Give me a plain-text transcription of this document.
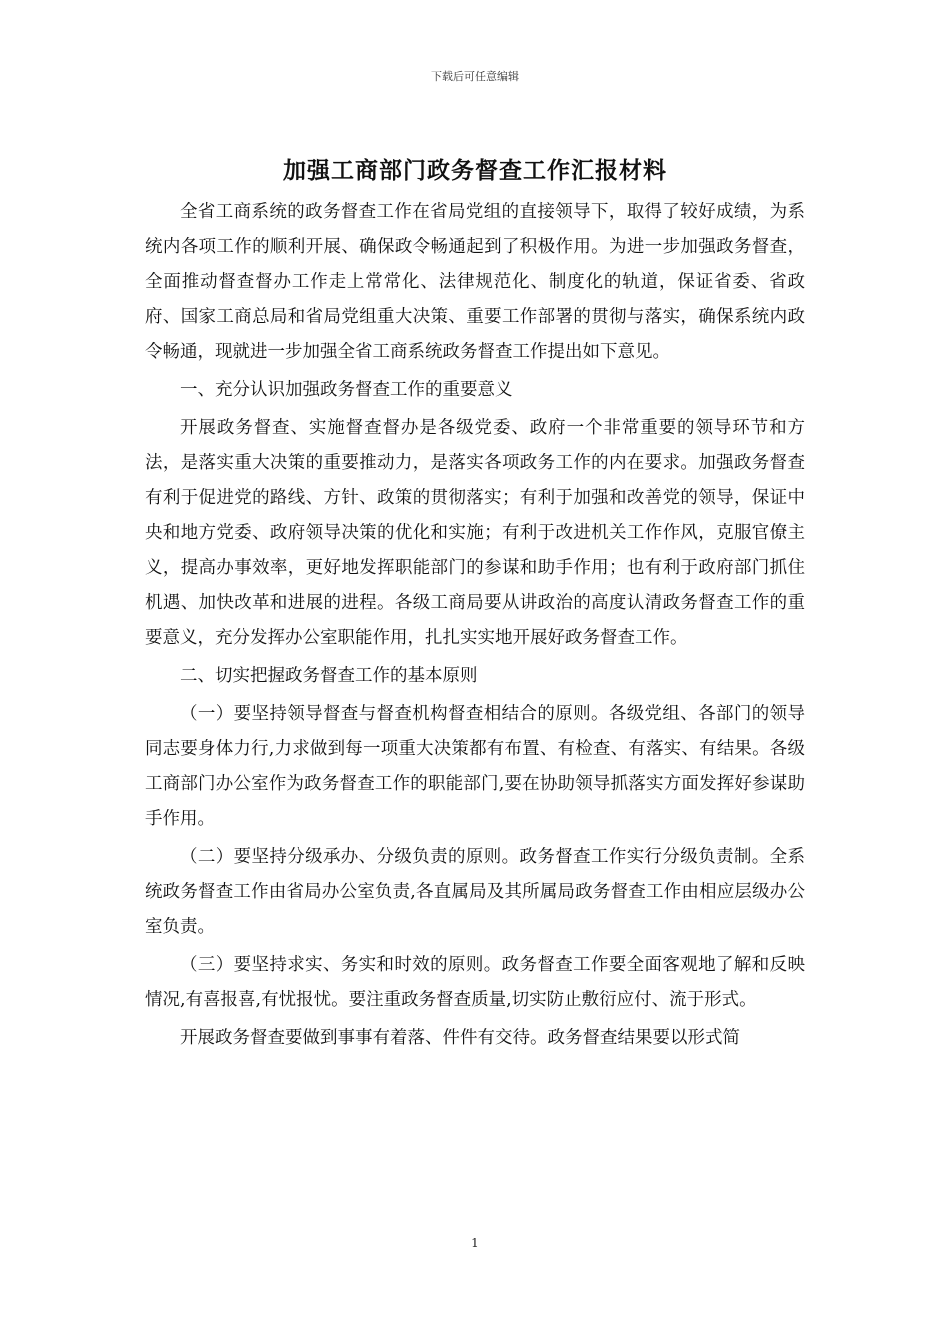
下载后可任意编辑
加强工商部门政务督查工作汇报材料

全省工商系统的政务督查工作在省局党组的直接领导下，取得了较好成绩，为系统内各项工作的顺利开展、确保政令畅通起到了积极作用。为进一步加强政务督查，全面推动督查督办工作走上常常化、法律规范化、制度化的轨道，保证省委、省政府、国家工商总局和省局党组重大决策、重要工作部署的贯彻与落实，确保系统内政令畅通，现就进一步加强全省工商系统政务督查工作提出如下意见。

一、充分认识加强政务督查工作的重要意义

开展政务督查、实施督查督办是各级党委、政府一个非常重要的领导环节和方法，是落实重大决策的重要推动力，是落实各项政务工作的内在要求。加强政务督查有利于促进党的路线、方针、政策的贯彻落实；有利于加强和改善党的领导，保证中央和地方党委、政府领导决策的优化和实施；有利于改进机关工作作风，克服官僚主义，提高办事效率，更好地发挥职能部门的参谋和助手作用；也有利于政府部门抓住机遇、加快改革和进展的进程。各级工商局要从讲政治的高度认清政务督查工作的重要意义，充分发挥办公室职能作用，扎扎实实地开展好政务督查工作。

二、切实把握政务督查工作的基本原则

（一）要坚持领导督查与督查机构督查相结合的原则。各级党组、各部门的领导同志要身体力行,力求做到每一项重大决策都有布置、有检查、有落实、有结果。各级工商部门办公室作为政务督查工作的职能部门,要在协助领导抓落实方面发挥好参谋助手作用。

（二）要坚持分级承办、分级负责的原则。政务督查工作实行分级负责制。全系统政务督查工作由省局办公室负责,各直属局及其所属局政务督查工作由相应层级办公室负责。

（三）要坚持求实、务实和时效的原则。政务督查工作要全面客观地了解和反映情况,有喜报喜,有忧报忧。要注重政务督查质量,切实防止敷衍应付、流于形式。

开展政务督查要做到事事有着落、件件有交待。政务督查结果要以形式简

1
